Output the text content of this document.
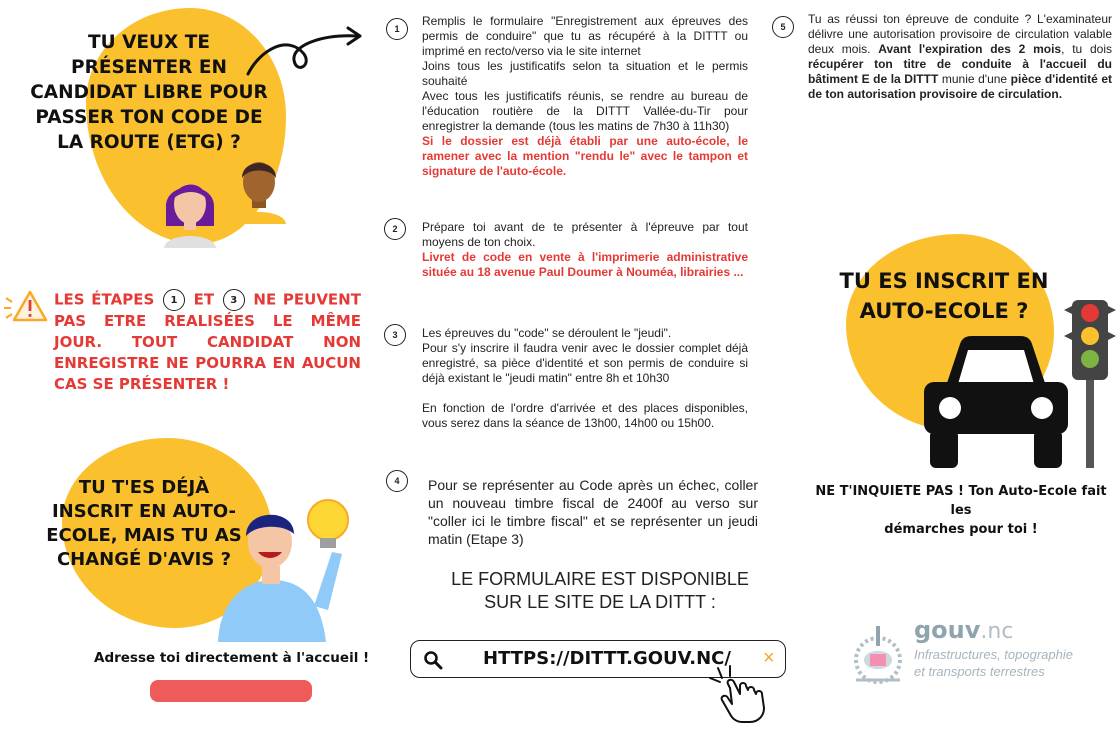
TU VEUX TE
PRÉSENTER EN
CANDIDAT LIBRE POUR
PASSER TON CODE DE
LA ROUTE (ETG) ?
LES ÉTAPES 1 ET 3 NE PEUVENT PAS ETRE REALISÉES LE MÊME JOUR. TOUT CANDIDAT NON ENREGISTRE NE POURRA EN AUCUN CAS SE PRÉSENTER !
TU T'ES DÉJÀ
INSCRIT EN AUTO-
ECOLE, MAIS TU AS
CHANGÉ D'AVIS ?
Adresse toi directement à l'accueil !
1

Remplis le formulaire "Enregistrement aux épreuves des permis de conduire" que tu as récupéré à la DITTT ou imprimé en recto/verso via le site internet

Joins tous les justificatifs selon ta situation et le permis souhaité

Avec tous les justificatifs réunis, se rendre au bureau de l'éducation routière de la DITTT Vallée-du-Tir pour enregistrer la demande (tous les matins de 7h30 à 11h30)

Si le dossier est déjà établi par une auto-école, le ramener avec la mention "rendu le" avec le tampon et signature de l'auto-école.

2	Prépare toi avant de te présenter à l'épreuve par tout moyens de ton choix.

Livret de code en vente à l'imprimerie administrative située au 18 avenue Paul Doumer à Nouméa, librairies ...

3	Les épreuves du "code" se déroulent le "jeudi".

Pour s'y inscrire il faudra venir avec le dossier complet déjà enregistré, sa pièce d'identité et son permis de conduire si déjà existant le "jeudi matin" entre 8h et 10h30

En fonction de l'ordre d'arrivée et des places disponibles, vous serez dans la séance de 13h00, 14h00 ou 15h00.

4	Pour se représenter au Code après un échec, coller un nouveau timbre fiscal de 2400f au verso sur "coller ici le timbre fiscal" et se représenter un jeudi matin (Etape 3)

LE FORMULAIRE EST DISPONIBLE
SUR LE SITE DE LA DITTT :
HTTPS://DITTT.GOUV.NC/ ×
5
Tu as réussi ton épreuve de conduite ? L'examinateur délivre une autorisation provisoire de circulation valable deux mois. Avant l'expiration des 2 mois, tu dois récupérer ton titre de conduite à l'accueil du bâtiment E de la DITTT munie d'une pièce d'identité et de ton autorisation provisoire de circulation.
TU ES INSCRIT EN
AUTO-ECOLE ?
NE T'INQUIETE PAS ! Ton Auto-Ecole fait les
démarches pour toi !
gouv.nc
Infrastructures, topographie
et transports terrestres
